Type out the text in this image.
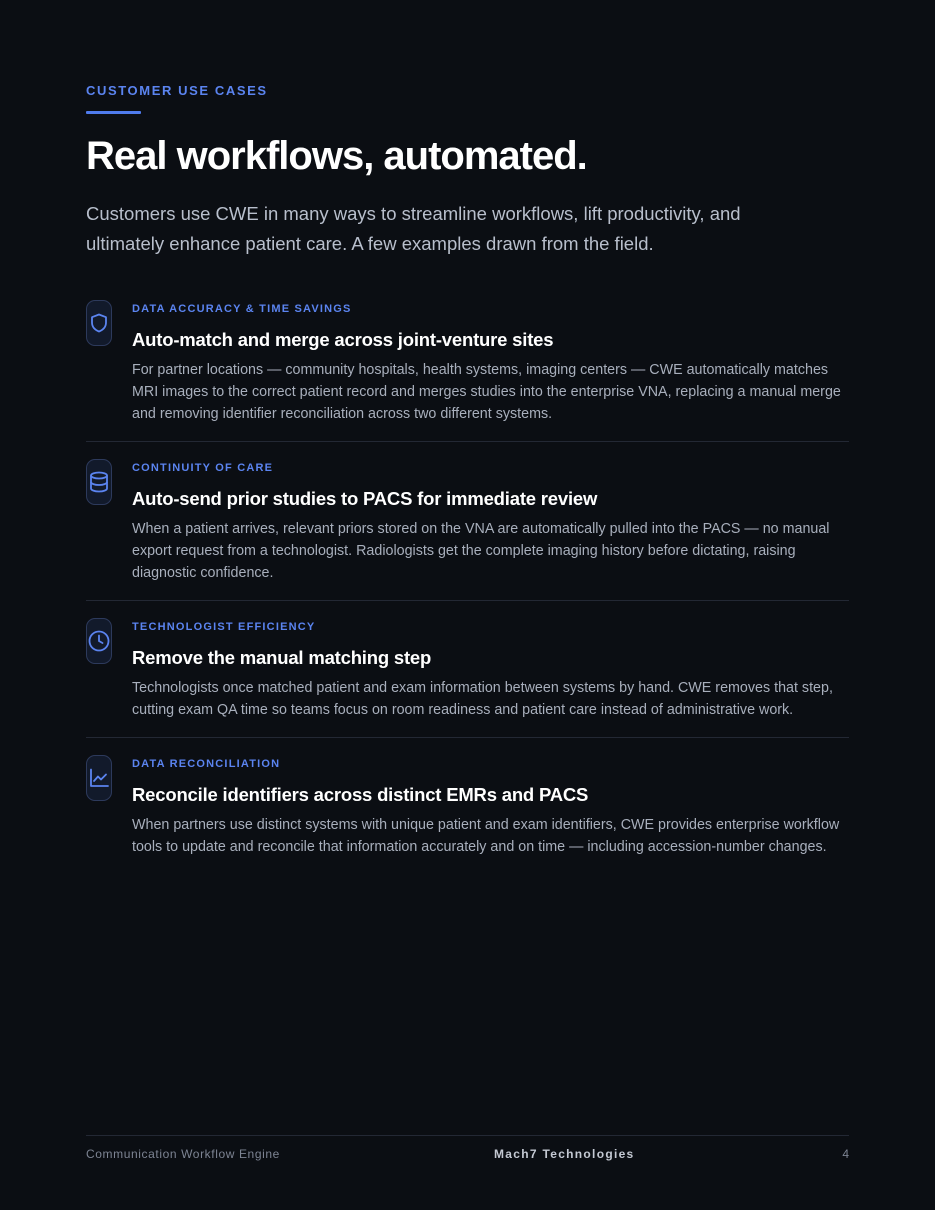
CUSTOMER USE CASES
Real workflows, automated.

Customers use CWE in many ways to streamline workflows, lift productivity, and ultimately enhance patient care. A few examples drawn from the field.

DATA ACCURACY & TIME SAVINGS
Auto-match and merge across joint-venture sites
For partner locations — community hospitals, health systems, imaging centers — CWE automatically matches MRI images to the correct patient record and merges studies into the enterprise VNA, replacing a manual merge and removing identifier reconciliation across two different systems.
CONTINUITY OF CARE
Auto-send prior studies to PACS for immediate review
When a patient arrives, relevant priors stored on the VNA are automatically pulled into the PACS — no manual export request from a technologist. Radiologists get the complete imaging history before dictating, raising diagnostic confidence.
TECHNOLOGIST EFFICIENCY
Remove the manual matching step
Technologists once matched patient and exam information between systems by hand. CWE removes that step, cutting exam QA time so teams focus on room readiness and patient care instead of administrative work.
DATA RECONCILIATION
Reconcile identifiers across distinct EMRs and PACS
When partners use distinct systems with unique patient and exam identifiers, CWE provides enterprise workflow tools to update and reconcile that information accurately and on time — including accession-number changes.
Communication Workflow Engine	Mach7 Technologies	4
